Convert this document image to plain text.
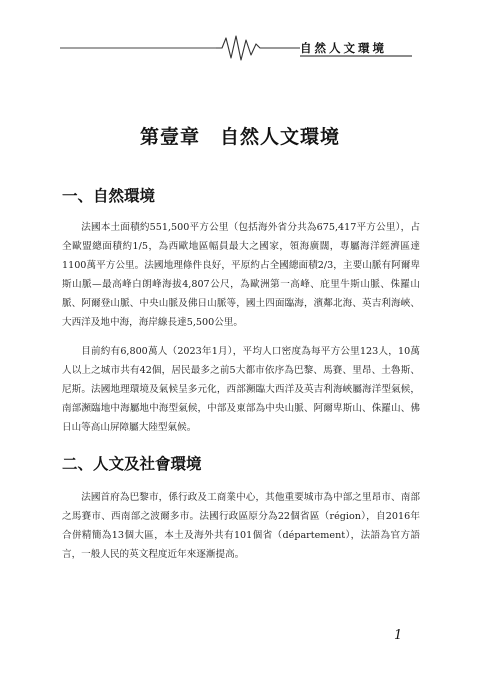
自然人文環境
第壹章　自然人文環境
一、自然環境

法國本土面積約551,500平方公里（包括海外省分共為675,417平方公里），占全歐盟總面積約1/5，為西歐地區幅員最大之國家，領海廣闊，專屬海洋經濟區達1100萬平方公里。法國地理條件良好，平原約占全國總面積2/3，主要山脈有阿爾卑斯山脈—最高峰白朗峰海拔4,807公尺，為歐洲第一高峰、庇里牛斯山脈、侏羅山脈、阿爾登山脈、中央山脈及佛日山脈等，國土四面臨海，濱鄰北海、英吉利海峽、大西洋及地中海，海岸線長達5,500公里。

目前約有6,800萬人（2023年1月），平均人口密度為每平方公里123人，10萬人以上之城市共有42個，居民最多之前5大都市依序為巴黎、馬賽、里昂、土魯斯、尼斯。法國地理環境及氣候呈多元化，西部瀕臨大西洋及英吉利海峽屬海洋型氣候，南部瀕臨地中海屬地中海型氣候，中部及東部為中央山脈、阿爾卑斯山、侏羅山、佛日山等高山屏障屬大陸型氣候。

二、人文及社會環境

法國首府為巴黎市，係行政及工商業中心，其他重要城市為中部之里昂市、南部之馬賽市、西南部之波爾多市。法國行政區原分為22個省區（région），自2016年合併精簡為13個大區，本土及海外共有101個省（département），法語為官方語言，一般人民的英文程度近年來逐漸提高。

1
